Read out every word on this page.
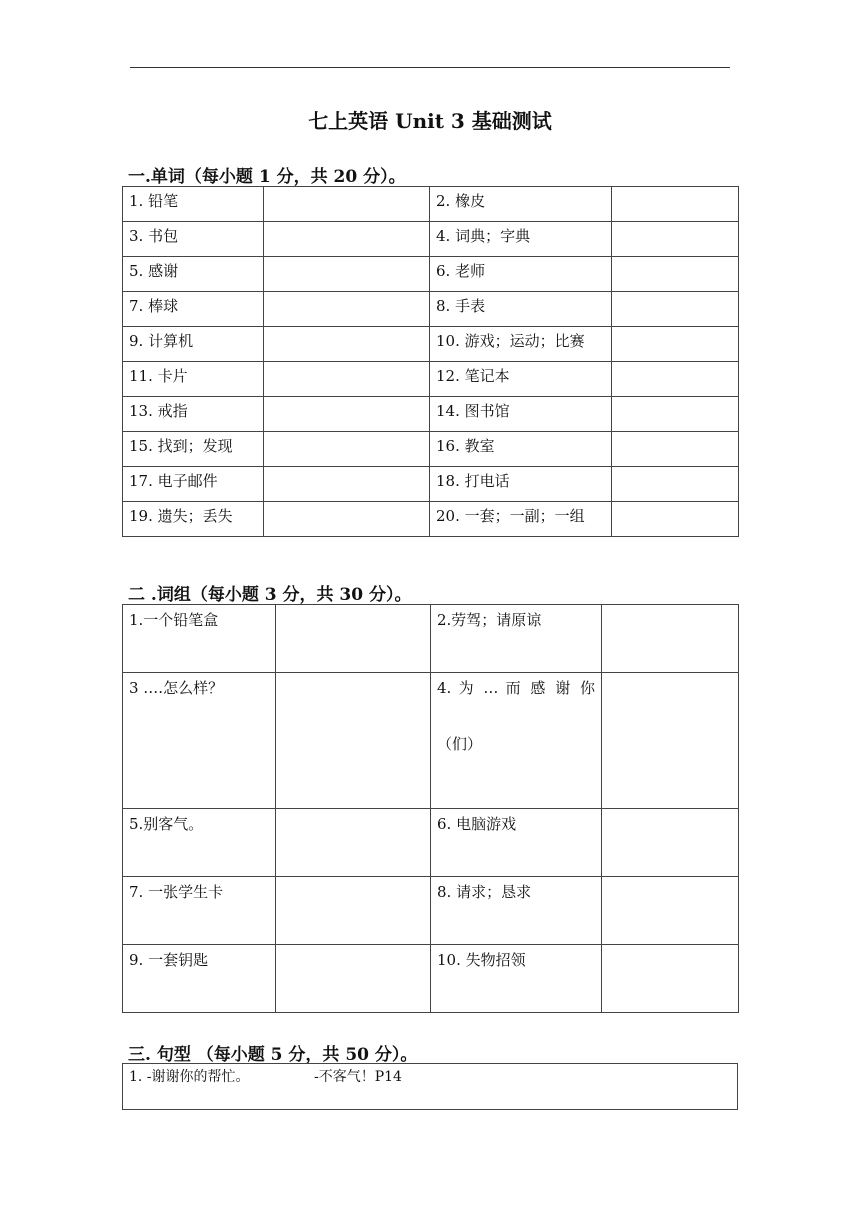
七上英语 Unit 3 基础测试
一.单词（每小题 1 分，共 20 分）。
1. 铅笔		2. 橡皮	
3. 书包		4. 词典；字典	
5. 感谢		6. 老师	
7. 棒球		8. 手表	
9. 计算机		10. 游戏；运动；比赛	
11. 卡片		12. 笔记本	
13. 戒指		14. 图书馆	
15. 找到；发现		16. 教室	
17. 电子邮件		18. 打电话	
19. 遗失；丢失		20. 一套；一副；一组	
二 .词组（每小题 3 分，共 30 分）。
1.一个铅笔盒		2.劳驾；请原谅	
3 ….怎么样？		4. 为 … 而 感 谢 你
（们）	

5.别客气。		6. 电脑游戏	
7. 一张学生卡		8. 请求；恳求	
9. 一套钥匙		10. 失物招领	
三. 句型 （每小题 5 分，共 50 分）。
1. -谢谢你的帮忙。	-不客气！P14
